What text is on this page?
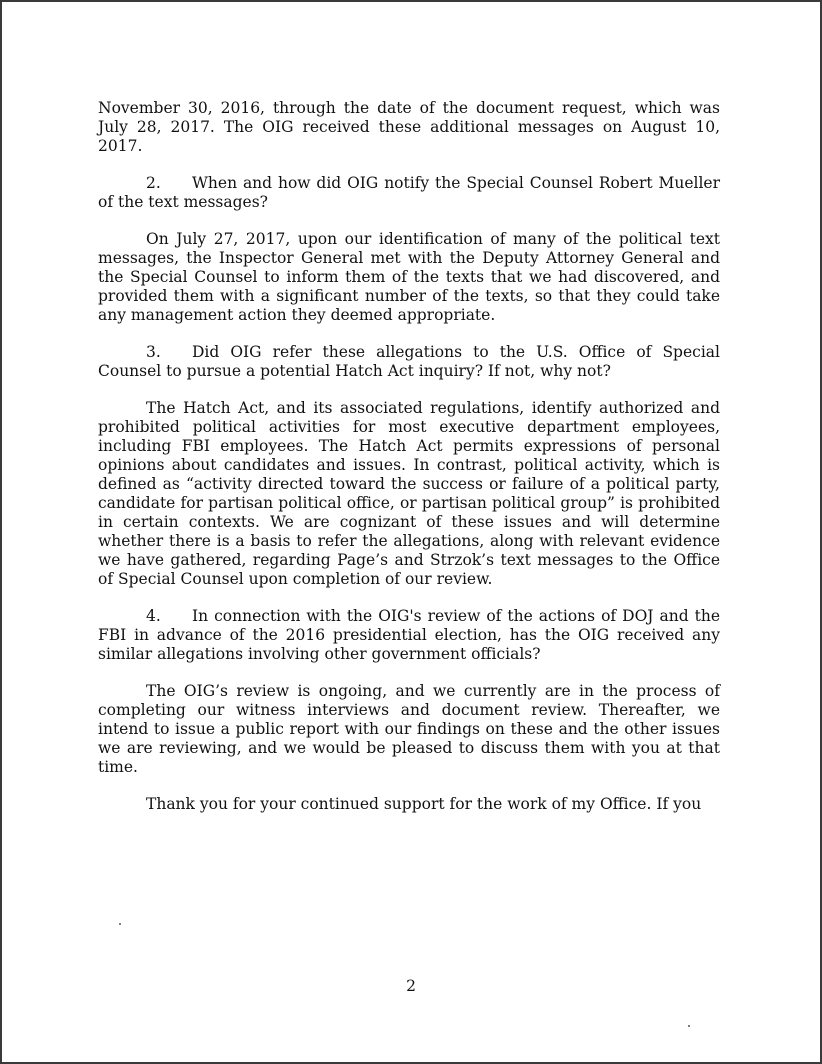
November 30, 2016, through the date of the document request, which was July 28, 2017. The OIG received these additional messages on August 10, 2017.

2. When and how did OIG notify the Special Counsel Robert Mueller of the text messages?

On July 27, 2017, upon our identification of many of the political text messages, the Inspector General met with the Deputy Attorney General and the Special Counsel to inform them of the texts that we had discovered, and provided them with a significant number of the texts, so that they could take any management action they deemed appropriate.

3. Did OIG refer these allegations to the U.S. Office of Special Counsel to pursue a potential Hatch Act inquiry? If not, why not?

The Hatch Act, and its associated regulations, identify authorized and prohibited political activities for most executive department employees, including FBI employees. The Hatch Act permits expressions of personal opinions about candidates and issues. In contrast, political activity, which is defined as “activity directed toward the success or failure of a political party, candidate for partisan political office, or partisan political group” is prohibited in certain contexts. We are cognizant of these issues and will determine whether there is a basis to refer the allegations, along with relevant evidence we have gathered, regarding Page’s and Strzok’s text messages to the Office of Special Counsel upon completion of our review.

4. In connection with the OIG's review of the actions of DOJ and the FBI in advance of the 2016 presidential election, has the OIG received any similar allegations involving other government officials?

The OIG’s review is ongoing, and we currently are in the process of completing our witness interviews and document review. Thereafter, we intend to issue a public report with our findings on these and the other issues we are reviewing, and we would be pleased to discuss them with you at that time.

Thank you for your continued support for the work of my Office. If you

2
